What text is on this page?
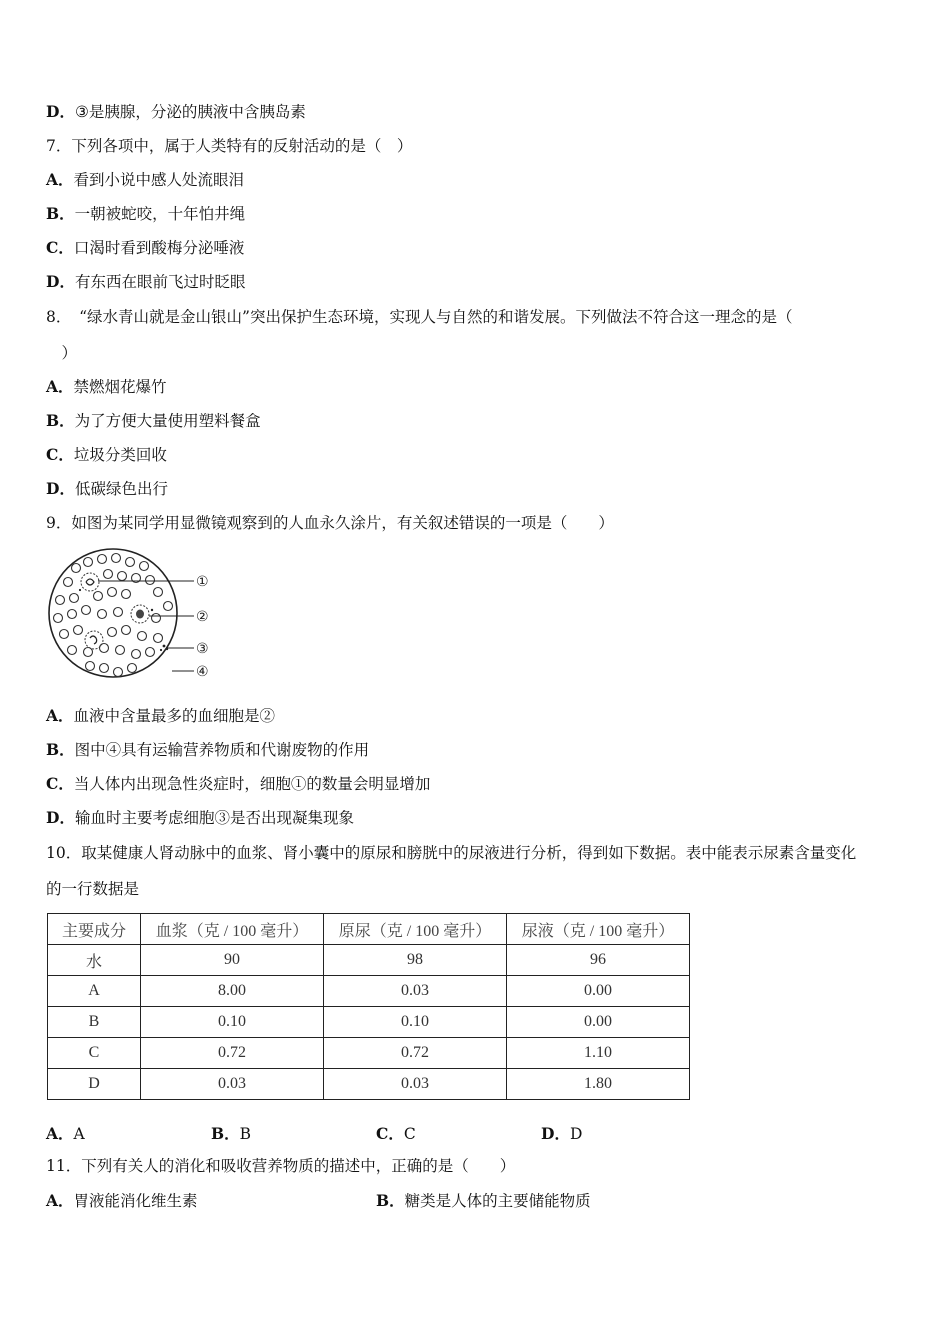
D．③是胰腺，分泌的胰液中含胰岛素
7．下列各项中，属于人类特有的反射活动的是（　）
A．看到小说中感人处流眼泪
B．一朝被蛇咬，十年怕井绳
C．口渴时看到酸梅分泌唾液
D．有东西在眼前飞过时眨眼
8．　“绿水青山就是金山银山”突出保护生态环境，实现人与自然的和谐发展。下列做法不符合这一理念的是（
　）
A．禁燃烟花爆竹
B．为了方便大量使用塑料餐盒
C．垃圾分类回收
D．低碳绿色出行
9．如图为某同学用显微镜观察到的人血永久涂片，有关叙述错误的一项是（　　）
①
②
③
④
A．血液中含量最多的血细胞是②
B．图中④具有运输营养物质和代谢废物的作用
C．当人体内出现急性炎症时，细胞①的数量会明显增加
D．输血时主要考虑细胞③是否出现凝集现象
10．取某健康人肾动脉中的血浆、肾小囊中的原尿和膀胱中的尿液进行分析，得到如下数据。表中能表示尿素含量变化
的一行数据是
主要成分	血浆（克 / 100 毫升）	原尿（克 / 100 毫升）	尿液（克 / 100 毫升）
水	90	98	96
A	8.00	0.03	0.00
B	0.10	0.10	0.00
C	0.72	0.72	1.10
D	0.03	0.03	1.80
A．A	B．B	C．C	D．D
11．下列有关人的消化和吸收营养物质的描述中，正确的是（　　）
A．胃液能消化维生素	B．糖类是人体的主要储能物质
